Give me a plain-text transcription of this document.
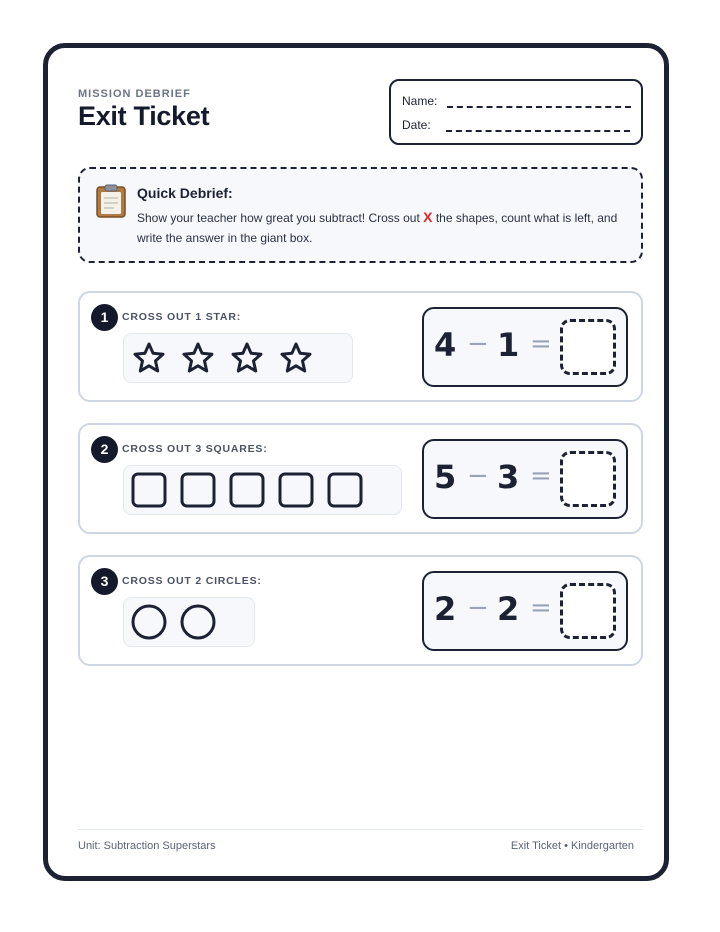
MISSION DEBRIEF
Exit Ticket	Name:
Date:
Quick Debrief:
Show your teacher how great you subtract! Cross out X the shapes, count what is left, and write the answer in the giant box.
1	CROSS OUT 1 STAR:
4 − 1 =
2	CROSS OUT 3 SQUARES:
5 − 3 =
3	CROSS OUT 2 CIRCLES:
2 − 2 =
Unit: Subtraction Superstars	Exit Ticket • Kindergarten
